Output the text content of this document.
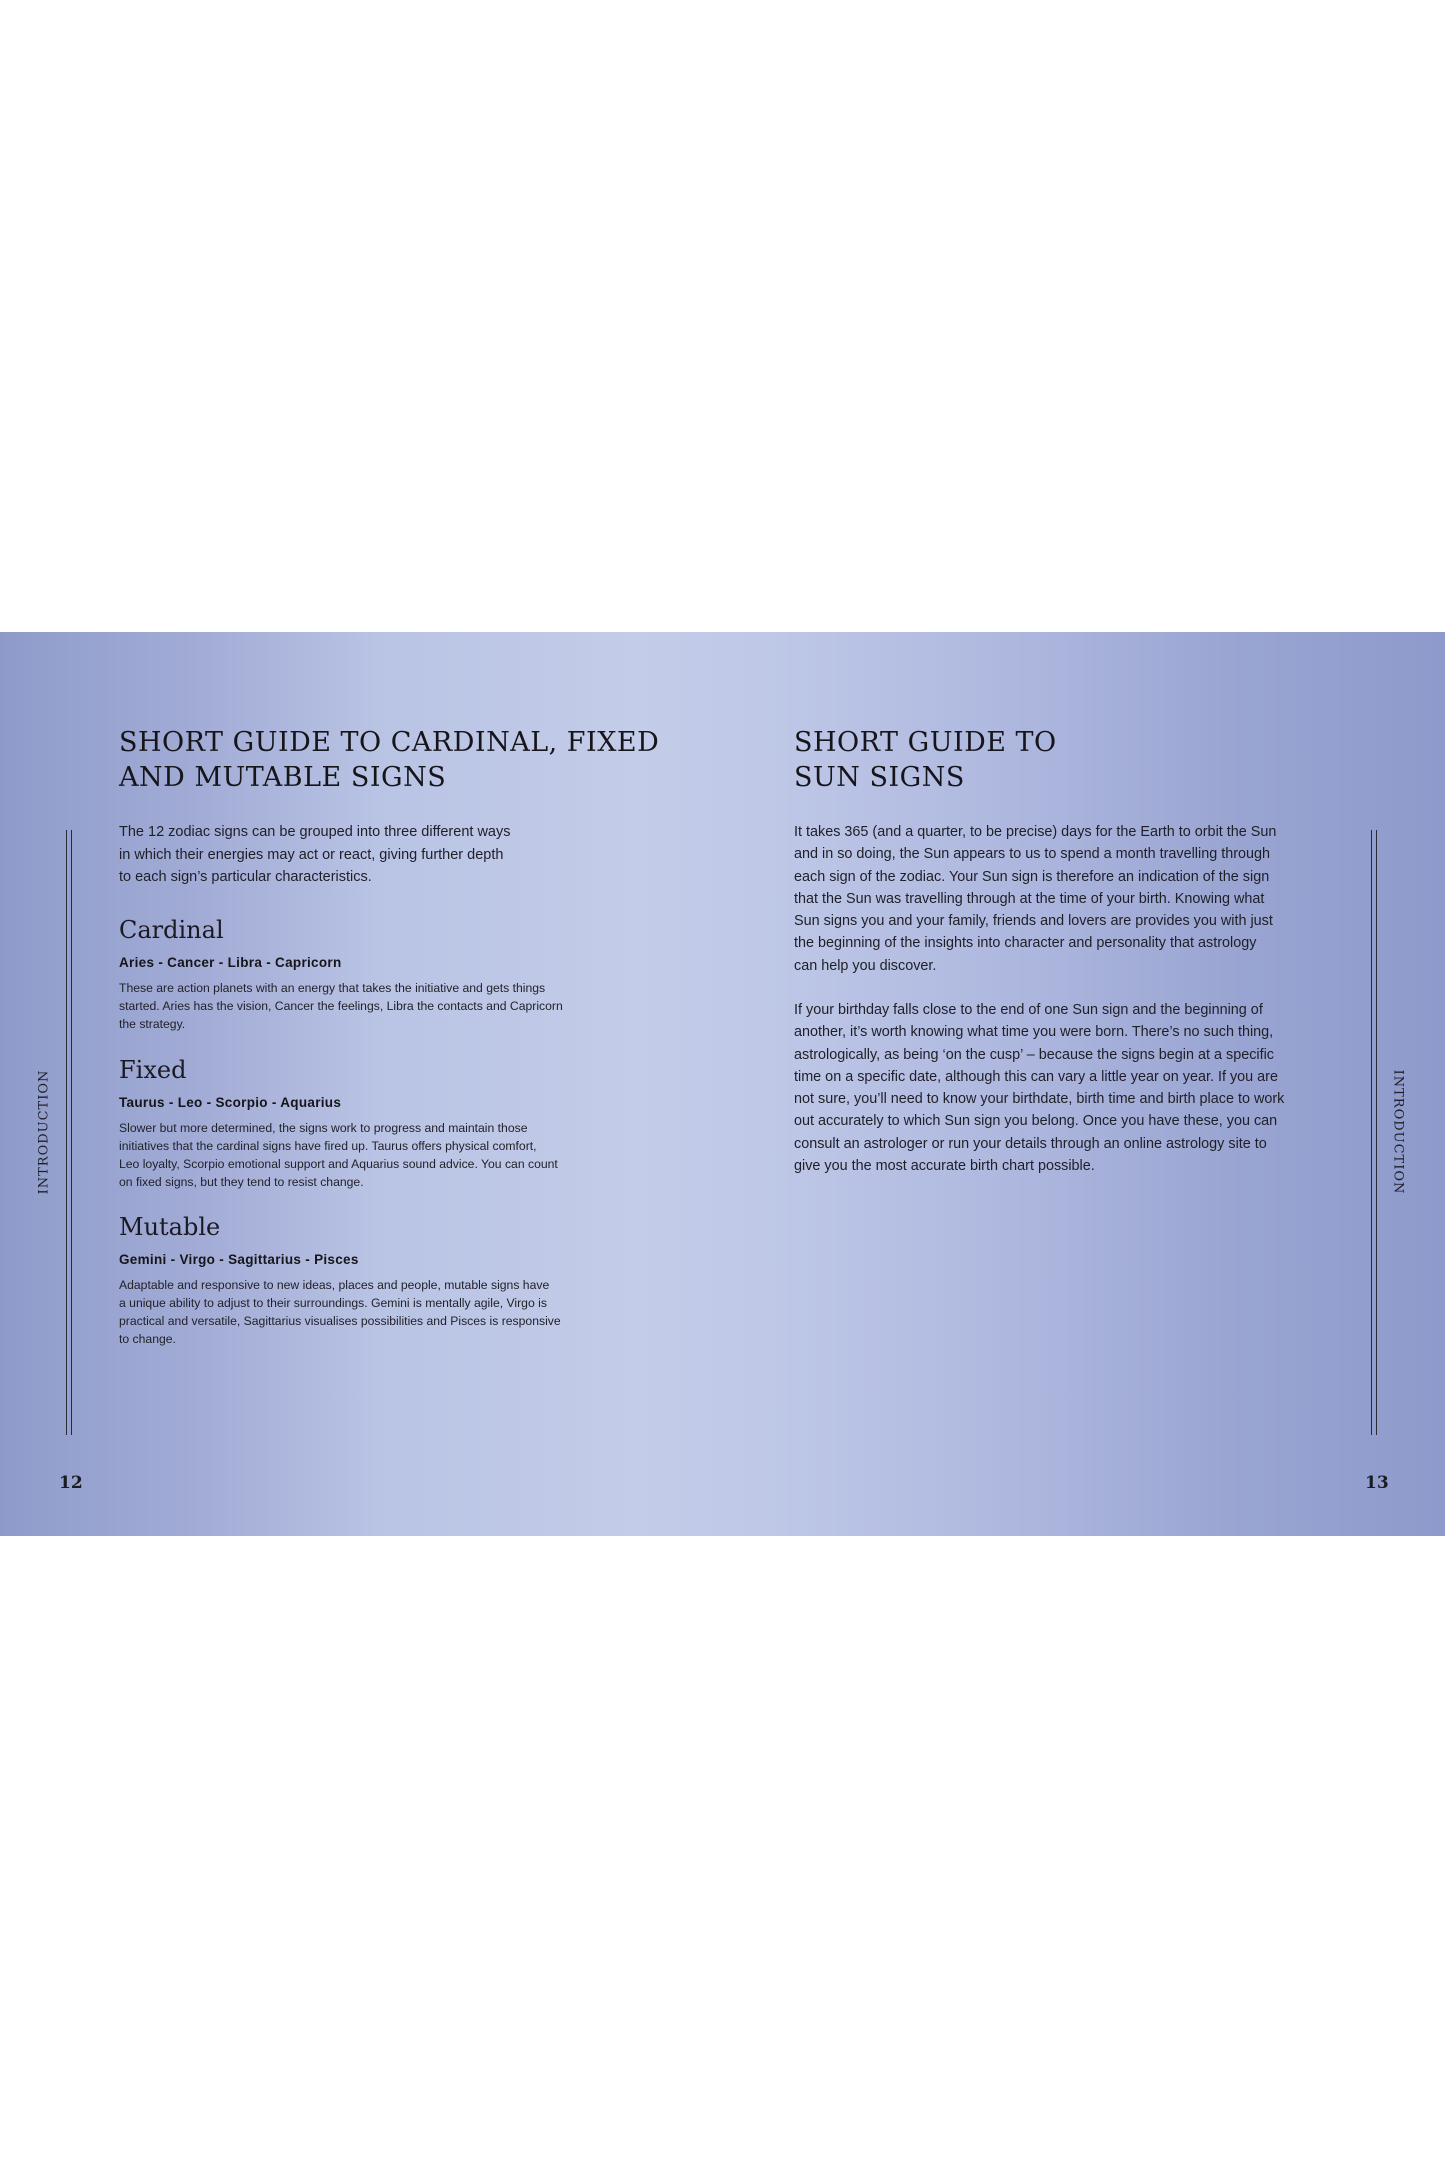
SHORT GUIDE TO CARDINAL, FIXED
AND MUTABLE SIGNS

The 12 zodiac signs can be grouped into three different ways
in which their energies may act or react, giving further depth
to each sign’s particular characteristics.

Cardinal
Aries - Cancer - Libra - Capricorn

These are action planets with an energy that takes the initiative and gets things
started. Aries has the vision, Cancer the feelings, Libra the contacts and Capricorn
the strategy.

Fixed
Taurus - Leo - Scorpio - Aquarius

Slower but more determined, the signs work to progress and maintain those
initiatives that the cardinal signs have fired up. Taurus offers physical comfort,
Leo loyalty, Scorpio emotional support and Aquarius sound advice. You can count
on fixed signs, but they tend to resist change.

Mutable
Gemini - Virgo - Sagittarius - Pisces

Adaptable and responsive to new ideas, places and people, mutable signs have
a unique ability to adjust to their surroundings. Gemini is mentally agile, Virgo is
practical and versatile, Sagittarius visualises possibilities and Pisces is responsive
to change.

INTRODUCTION
12
SHORT GUIDE TO
SUN SIGNS

It takes 365 (and a quarter, to be precise) days for the Earth to orbit the Sun
and in so doing, the Sun appears to us to spend a month travelling through
each sign of the zodiac. Your Sun sign is therefore an indication of the sign
that the Sun was travelling through at the time of your birth. Knowing what
Sun signs you and your family, friends and lovers are provides you with just
the beginning of the insights into character and personality that astrology
can help you discover.

If your birthday falls close to the end of one Sun sign and the beginning of
another, it’s worth knowing what time you were born. There’s no such thing,
astrologically, as being ‘on the cusp’ – because the signs begin at a specific
time on a specific date, although this can vary a little year on year. If you are
not sure, you’ll need to know your birthdate, birth time and birth place to work
out accurately to which Sun sign you belong. Once you have these, you can
consult an astrologer or run your details through an online astrology site to
give you the most accurate birth chart possible.	INTRODUCTION
13
